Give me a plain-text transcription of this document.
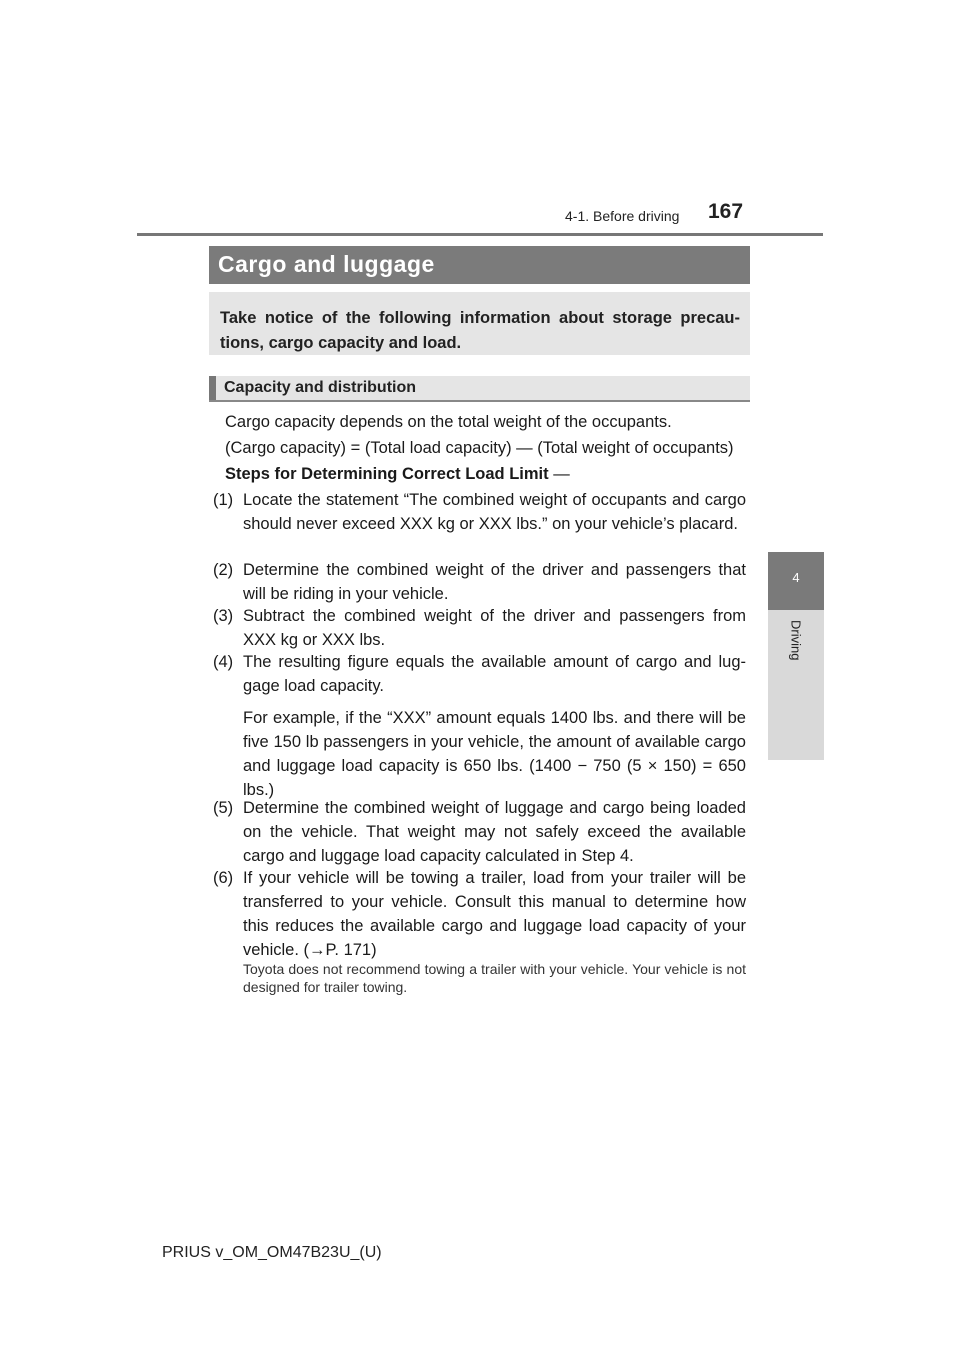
4-1. Before driving 167
4
Driving
Cargo and luggage
Take notice of the following information about storage precau-tions, cargo capacity and load.
Capacity and distribution
Cargo capacity depends on the total weight of the occupants.
(Cargo capacity) = (Total load capacity) — (Total weight of occupants)
Steps for Determining Correct Load Limit —
(1) Locate the statement “The combined weight of occupants and cargo should never exceed XXX kg or XXX lbs.” on your vehicle’s placard.
(2) Determine the combined weight of the driver and passengers that will be riding in your vehicle.
(3) Subtract the combined weight of the driver and passengers from XXX kg or XXX lbs.
(4) The resulting figure equals the available amount of cargo and lug-gage load capacity.
For example, if the “XXX” amount equals 1400 lbs. and there will be five 150 lb passengers in your vehicle, the amount of available cargo and luggage load capacity is 650 lbs. (1400 − 750 (5 × 150) = 650 lbs.)
(5) Determine the combined weight of luggage and cargo being loaded on the vehicle. That weight may not safely exceed the available cargo and luggage load capacity calculated in Step 4.
(6) If your vehicle will be towing a trailer, load from your trailer will be transferred to your vehicle. Consult this manual to determine how this reduces the available cargo and luggage load capacity of your vehicle. (→P. 171)
Toyota does not recommend towing a trailer with your vehicle. Your vehicle is not designed for trailer towing.
PRIUS v_OM_OM47B23U_(U)
